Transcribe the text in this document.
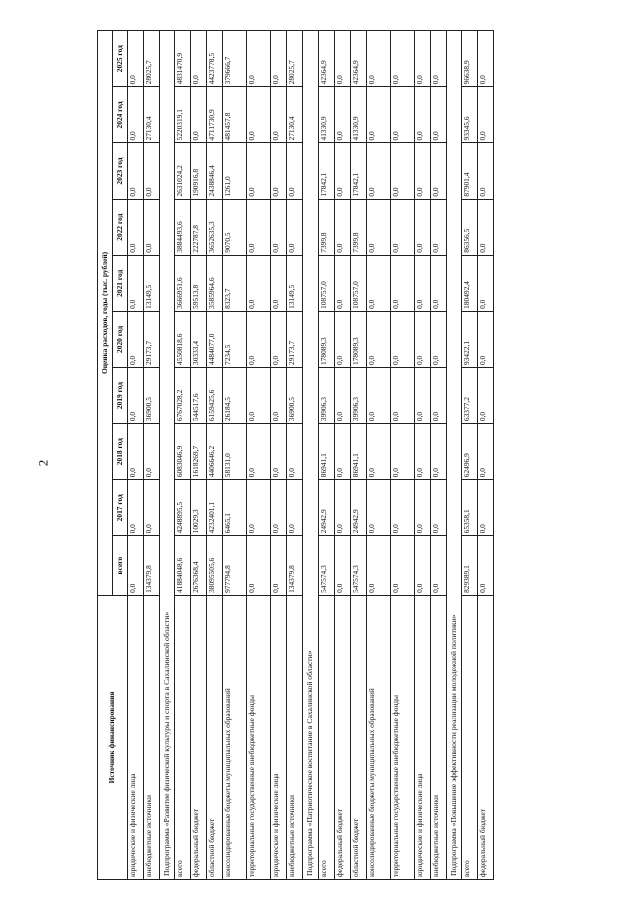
2
Источник финансирования	Оценка расходов, годы (тыс. рублей)									
	всего	2017 год	2018 год	2019 год	2020 год	2021 год	2022 год	2023 год	2024 год	2025 год
юридические и физические лица	0,0	0,0	0,0	0,0	0,0	0,0	0,0	0,0	0,0	0,0
внебюджетные источники	134379,8	0,0	0,0	36900,5	29173,7	13149,5	0,0	0,0	27130,4	28025,7
Подпрограмма «Развитие физической культуры и спорта в Сахалинской области»										
всего	41884048,6	4248895,5	6083046,9	6767028,2	4550818,6	3666951,6	3884493,6	2631024,2	5220319,1	4831470,9
федеральный бюджет	2676368,4	10029,3	1618269,7	544517,6	30333,4	59513,8	222787,8	190916,8	0,0	0,0
областной бюджет	38095505,6	4232401,1	4406646,2	6159425,6	4484077,0	3585964,6	3652635,3	2438846,4	4711730,9	4423778,5
консолидированные бюджеты муниципальных образований	977794,8	6465,1	58131,0	26184,5	7234,5	8323,7	9070,5	1261,0	481457,8	379666,7
территориальные государственные внебюджетные фонды	0,0	0,0	0,0	0,0	0,0	0,0	0,0	0,0	0,0	0,0
юридические и физические лица	0,0	0,0	0,0	0,0	0,0	0,0	0,0	0,0	0,0	0,0
внебюджетные источники	134379,8	0,0	0,0	36900,5	29173,7	13149,5	0,0	0,0	27130,4	28025,7
Подпрограмма «Патриотическое воспитание в Сахалинской области»										
всего	547574,3	24942,9	86941,1	39906,3	178089,3	108757,0	7399,8	17842,1	41330,9	42364,9
федеральный бюджет	0,0	0,0	0,0	0,0	0,0	0,0	0,0	0,0	0,0	0,0
областной бюджет	547574,3	24942,9	86941,1	39906,3	178089,3	108757,0	7399,8	17842,1	41330,9	42364,9
консолидированные бюджеты муниципальных образований	0,0	0,0	0,0	0,0	0,0	0,0	0,0	0,0	0,0	0,0
территориальные государственные внебюджетные фонды	0,0	0,0	0,0	0,0	0,0	0,0	0,0	0,0	0,0	0,0
юридические и физические лица	0,0	0,0	0,0	0,0	0,0	0,0	0,0	0,0	0,0	0,0
внебюджетные источники	0,0	0,0	0,0	0,0	0,0	0,0	0,0	0,0	0,0	0,0
Подпрограмма «Повышение эффективности реализации молодежной политики»										
всего	829389,1	65358,1	62496,9	63377,2	93422,1	180492,4	86356,5	87901,4	93345,6	96638,9
федеральный бюджет	0,0	0,0	0,0	0,0	0,0	0,0	0,0	0,0	0,0	0,0
